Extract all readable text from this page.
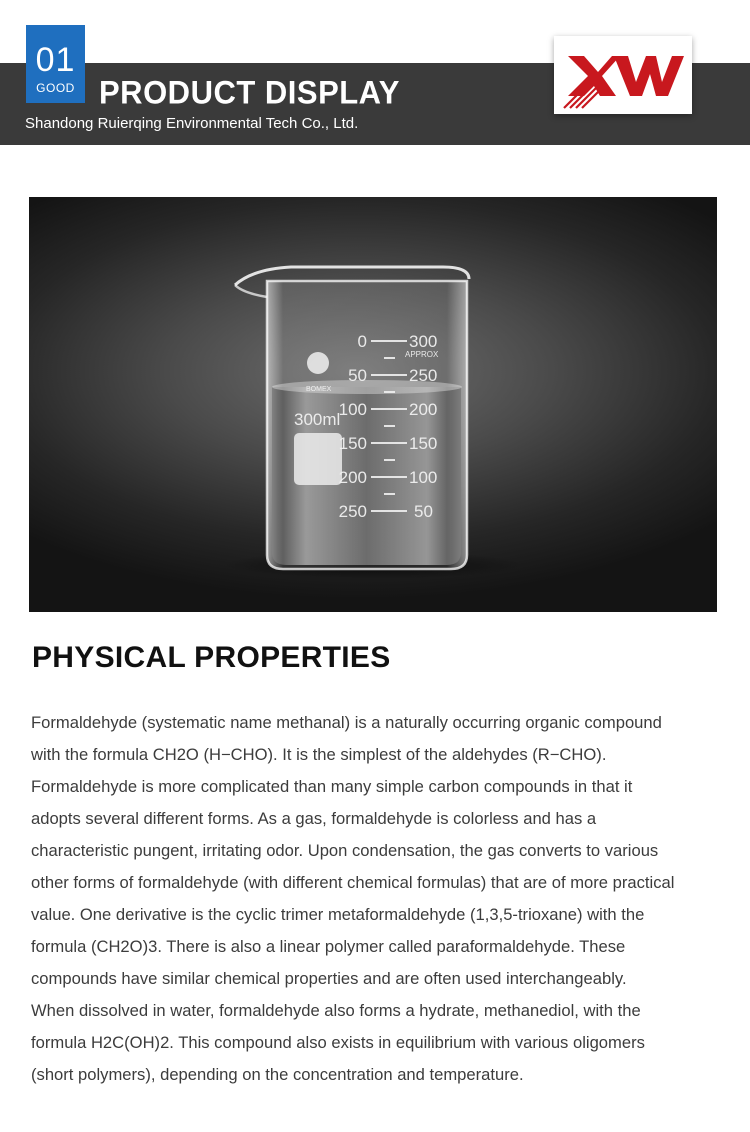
01
GOOD PRODUCT DISPLAY
Shandong Ruierqing Environmental Tech Co., Ltd.
0
50
100
150
200
250
300
250
200
150
100
50
APPROX
300ml
BOMEX
PHYSICAL PROPERTIES
Formaldehyde (systematic name methanal) is a naturally occurring organic compound
with the formula CH2O (H−CHO). It is the simplest of the aldehydes (R−CHO).
Formaldehyde is more complicated than many simple carbon compounds in that it
adopts several different forms. As a gas, formaldehyde is colorless and has a
characteristic pungent, irritating odor. Upon condensation, the gas converts to various
other forms of formaldehyde (with different chemical formulas) that are of more practical
value. One derivative is the cyclic trimer metaformaldehyde (1,3,5-trioxane) with the
formula (CH2O)3. There is also a linear polymer called paraformaldehyde. These
compounds have similar chemical properties and are often used interchangeably.
When dissolved in water, formaldehyde also forms a hydrate, methanediol, with the
formula H2C(OH)2. This compound also exists in equilibrium with various oligomers
(short polymers), depending on the concentration and temperature.
